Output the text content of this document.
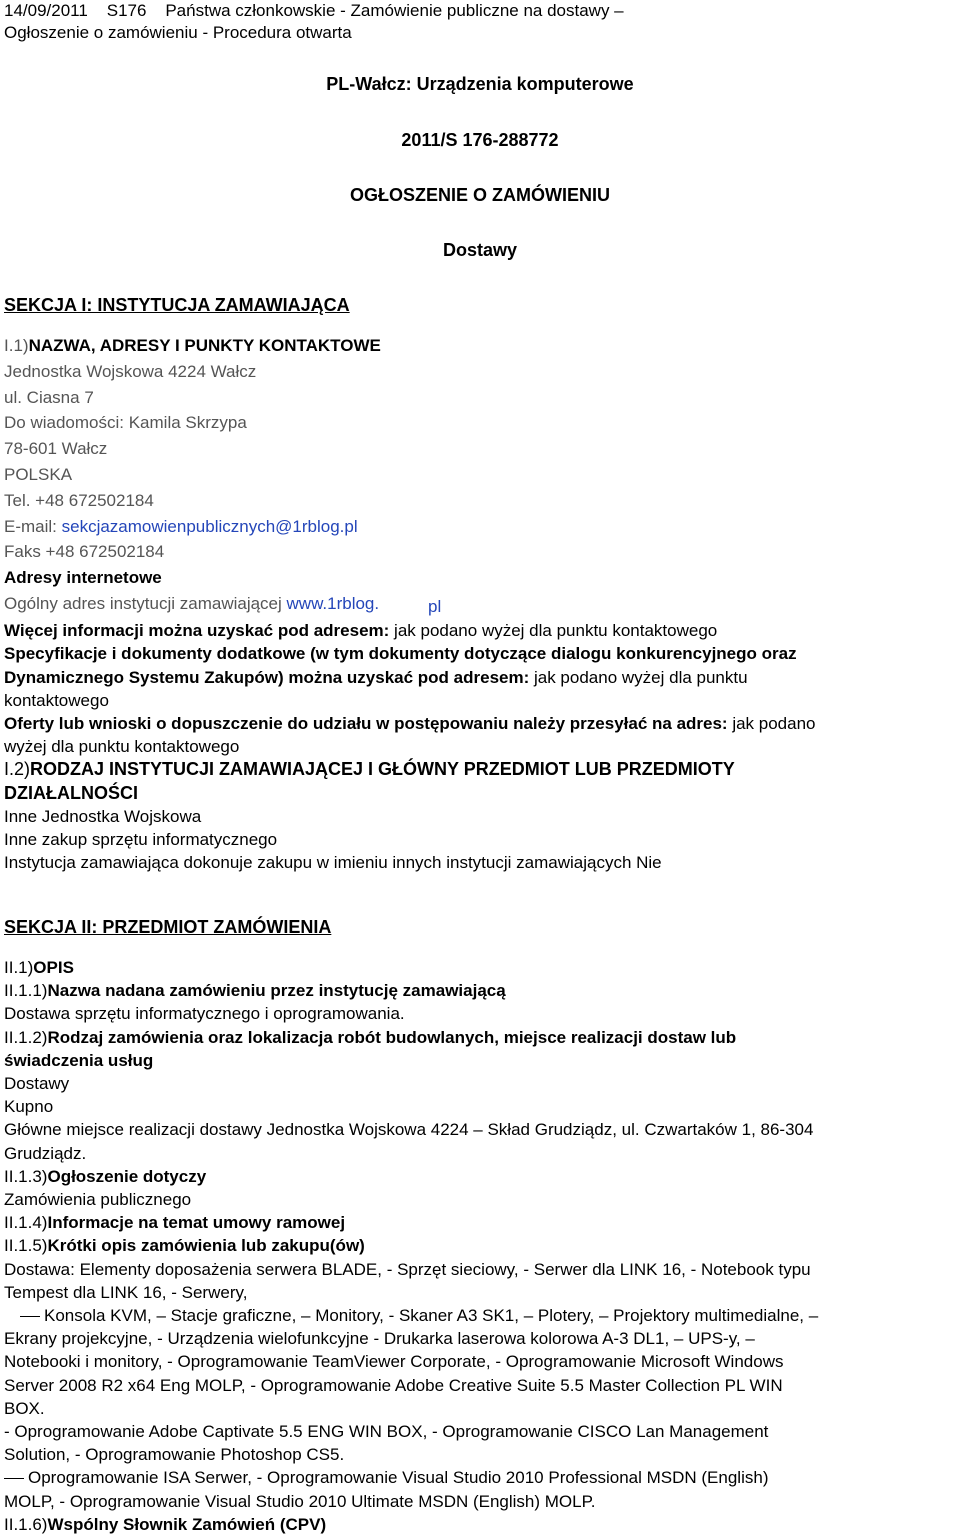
14/09/2011 S176 Państwa członkowskie - Zamówienie publiczne na dostawy –
Ogłoszenie o zamówieniu - Procedura otwarta
PL-Wałcz: Urządzenia komputerowe
2011/S 176-288772
OGŁOSZENIE O ZAMÓWIENIU
Dostawy
SEKCJA I: INSTYTUCJA ZAMAWIAJĄCA
I.1)NAZWA, ADRESY I PUNKTY KONTAKTOWE
Jednostka Wojskowa 4224 Wałcz
ul. Ciasna 7
Do wiadomości: Kamila Skrzypa
78-601 Wałcz
POLSKA
Tel. +48 672502184
E-mail: sekcjazamowienpublicznych@1rblog.pl
Faks +48 672502184
Adresy internetowe
Ogólny adres instytucji zamawiającej www.1rblog.	pl
Więcej informacji można uzyskać pod adresem: jak podano wyżej dla punktu kontaktowego
Specyfikacje i dokumenty dodatkowe (w tym dokumenty dotyczące dialogu konkurencyjnego oraz
Dynamicznego Systemu Zakupów) można uzyskać pod adresem: jak podano wyżej dla punktu
kontaktowego
Oferty lub wnioski o dopuszczenie do udziału w postępowaniu należy przesyłać na adres: jak podano
wyżej dla punktu kontaktowego
I.2)RODZAJ INSTYTUCJI ZAMAWIAJĄCEJ I GŁÓWNY PRZEDMIOT LUB PRZEDMIOTY
DZIAŁALNOŚCI
Inne Jednostka Wojskowa
Inne zakup sprzętu informatycznego
Instytucja zamawiająca dokonuje zakupu w imieniu innych instytucji zamawiających Nie
SEKCJA II: PRZEDMIOT ZAMÓWIENIA
II.1)OPIS
II.1.1)Nazwa nadana zamówieniu przez instytucję zamawiającą
Dostawa sprzętu informatycznego i oprogramowania.
II.1.2)Rodzaj zamówienia oraz lokalizacja robót budowlanych, miejsce realizacji dostaw lub
świadczenia usług
Dostawy
Kupno
Główne miejsce realizacji dostawy Jednostka Wojskowa 4224 – Skład Grudziądz, ul. Czwartaków 1, 86-304
Grudziądz.
II.1.3)Ogłoszenie dotyczy
Zamówienia publicznego
II.1.4)Informacje na temat umowy ramowej
II.1.5)Krótki opis zamówienia lub zakupu(ów)
Dostawa: Elementy doposażenia serwera BLADE, - Sprzęt sieciowy, - Serwer dla LINK 16, - Notebook typu
Tempest dla LINK 16, - Serwery,
Konsola KVM, – Stacje graficzne, – Monitory, - Skaner A3 SK1, – Plotery, – Projektory multimedialne, –
Ekrany projekcyjne, - Urządzenia wielofunkcyjne - Drukarka laserowa kolorowa A-3 DL1, – UPS-y, –
Notebooki i monitory, - Oprogramowanie TeamViewer Corporate, - Oprogramowanie Microsoft Windows
Server 2008 R2 x64 Eng MOLP, - Oprogramowanie Adobe Creative Suite 5.5 Master Collection PL WIN
BOX.
- Oprogramowanie Adobe Captivate 5.5 ENG WIN BOX, - Oprogramowanie CISCO Lan Management
Solution, - Oprogramowanie Photoshop CS5.
Oprogramowanie ISA Serwer, - Oprogramowanie Visual Studio 2010 Professional MSDN (English)
MOLP, - Oprogramowanie Visual Studio 2010 Ultimate MSDN (English) MOLP.
II.1.6)Wspólny Słownik Zamówień (CPV)
